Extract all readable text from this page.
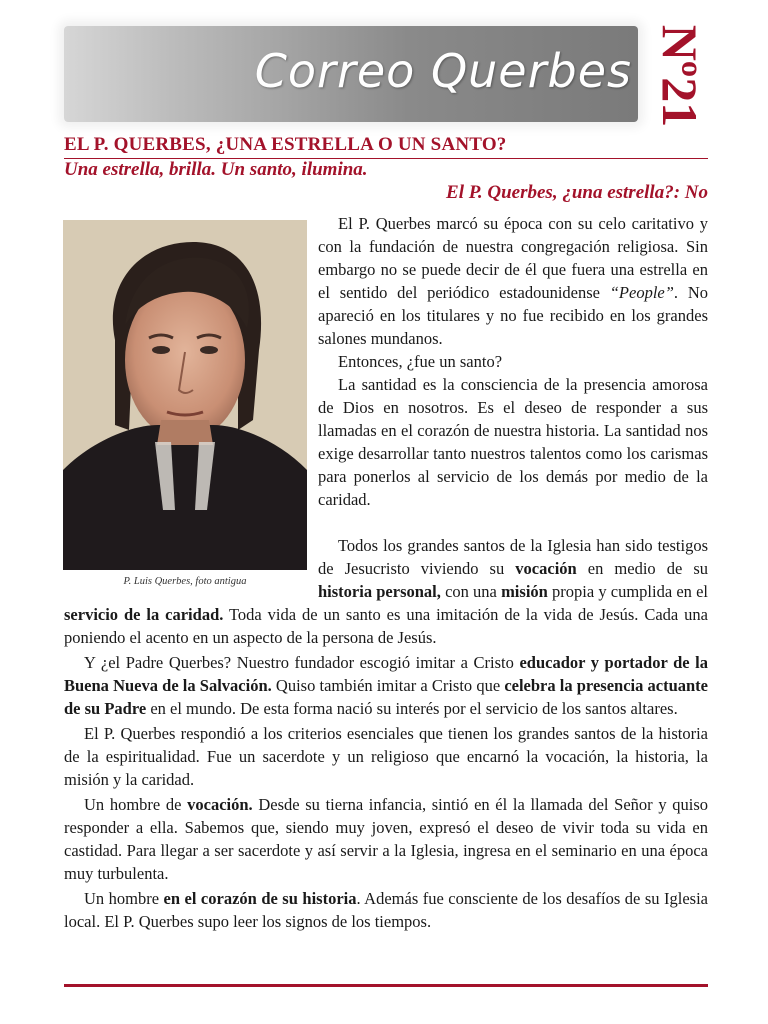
Correo Querbes Nº21
EL P. QUERBES, ¿UNA ESTRELLA O UN SANTO?
Una estrella, brilla. Un santo, ilumina.
El P. Querbes, ¿una estrella?: No
P. Luis Querbes, foto antigua

El P. Querbes marcó su época con su celo caritativo y con la fundación de nuestra congregación religiosa. Sin embargo no se puede decir de él que fuera una estrella en el sentido del periódico estadounidense “People”. No apareció en los titulares y no fue recibido en los grandes salones mundanos.

Entonces, ¿fue un santo?

La santidad es la consciencia de la presencia amorosa de Dios en nosotros. Es el deseo de responder a sus llamadas en el corazón de nuestra historia. La santidad nos exige desarrollar tanto nuestros talentos como los carismas para ponerlos al servicio de los demás por medio de la caridad.

Todos los grandes santos de la Iglesia han sido testigos de Jesucristo viviendo su vocación en medio de su historia personal, con una misión propia y cumplida en el servicio de la caridad. Toda vida de un santo es una imitación de la vida de Jesús. Cada una poniendo el acento en un aspecto de la persona de Jesús.

Y ¿el Padre Querbes? Nuestro fundador escogió imitar a Cristo educador y portador de la Buena Nueva de la Salvación. Quiso también imitar a Cristo que celebra la presencia actuante de su Padre en el mundo. De esta forma nació su interés por el servicio de los santos altares.

El P. Querbes respondió a los criterios esenciales que tienen los grandes santos de la historia de la espiritualidad. Fue un sacerdote y un religioso que encarnó la vocación, la historia, la misión y la caridad.

Un hombre de vocación. Desde su tierna infancia, sintió en él la llamada del Señor y quiso responder a ella. Sabemos que, siendo muy joven, expresó el deseo de vivir toda su vida en castidad. Para llegar a ser sacerdote y así servir a la Iglesia, ingresa en el seminario en una época muy turbulenta.

Un hombre en el corazón de su historia. Además fue consciente de los desafíos de su Iglesia local. El P. Querbes supo leer los signos de los tiempos.
